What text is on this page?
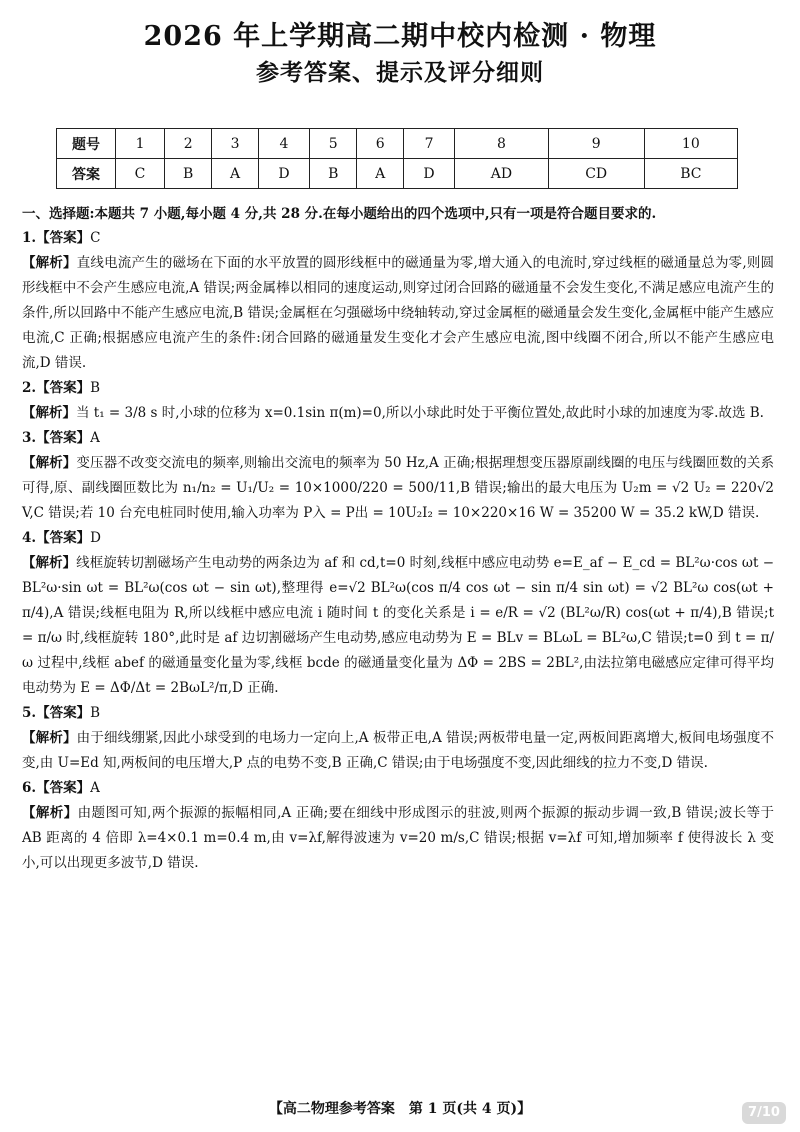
2026 年上学期高二期中校内检测 · 物理
参考答案、提示及评分细则
题号	1	2	3	4	5	6	7	8	9	10
答案	C	B	A	D	B	A	D	AD	CD	BC
一、选择题:本题共 7 小题,每小题 4 分,共 28 分.在每小题给出的四个选项中,只有一项是符合题目要求的.

1.【答案】C

【解析】直线电流产生的磁场在下面的水平放置的圆形线框中的磁通量为零,增大通入的电流时,穿过线框的磁通量总为零,则圆形线框中不会产生感应电流,A 错误;两金属棒以相同的速度运动,则穿过闭合回路的磁通量不会发生变化,不满足感应电流产生的条件,所以回路中不能产生感应电流,B 错误;金属框在匀强磁场中绕轴转动,穿过金属框的磁通量会发生变化,金属框中能产生感应电流,C 正确;根据感应电流产生的条件:闭合回路的磁通量发生变化才会产生感应电流,图中线圈不闭合,所以不能产生感应电流,D 错误.

2.【答案】B

【解析】当 t₁ = 3/8 s 时,小球的位移为 x=0.1sin π(m)=0,所以小球此时处于平衡位置处,故此时小球的加速度为零.故选 B.

3.【答案】A

【解析】变压器不改变交流电的频率,则输出交流电的频率为 50 Hz,A 正确;根据理想变压器原副线圈的电压与线圈匝数的关系可得,原、副线圈匝数比为 n₁/n₂ = U₁/U₂ = 10×1000/220 = 500/11,B 错误;输出的最大电压为 U₂m = √2 U₂ = 220√2 V,C 错误;若 10 台充电桩同时使用,输入功率为 P入 = P出 = 10U₂I₂ = 10×220×16 W = 35200 W = 35.2 kW,D 错误.

4.【答案】D

【解析】线框旋转切割磁场产生电动势的两条边为 af 和 cd,t=0 时刻,线框中感应电动势 e=E_af − E_cd = BL²ω·cos ωt − BL²ω·sin ωt = BL²ω(cos ωt − sin ωt),整理得 e=√2 BL²ω(cos π/4 cos ωt − sin π/4 sin ωt) = √2 BL²ω cos(ωt + π/4),A 错误;线框电阻为 R,所以线框中感应电流 i 随时间 t 的变化关系是 i = e/R = √2 (BL²ω/R) cos(ωt + π/4),B 错误;t = π/ω 时,线框旋转 180°,此时是 af 边切割磁场产生电动势,感应电动势为 E = BLv = BLωL = BL²ω,C 错误;t=0 到 t = π/ω 过程中,线框 abef 的磁通量变化量为零,线框 bcde 的磁通量变化量为 ΔΦ = 2BS = 2BL²,由法拉第电磁感应定律可得平均电动势为 E = ΔΦ/Δt = 2BωL²/π,D 正确.

5.【答案】B

【解析】由于细线绷紧,因此小球受到的电场力一定向上,A 板带正电,A 错误;两板带电量一定,两板间距离增大,板间电场强度不变,由 U=Ed 知,两板间的电压增大,P 点的电势不变,B 正确,C 错误;由于电场强度不变,因此细线的拉力不变,D 错误.

6.【答案】A

【解析】由题图可知,两个振源的振幅相同,A 正确;要在细线中形成图示的驻波,则两个振源的振动步调一致,B 错误;波长等于 AB 距离的 4 倍即 λ=4×0.1 m=0.4 m,由 v=λf,解得波速为 v=20 m/s,C 错误;根据 v=λf 可知,增加频率 f 使得波长 λ 变小,可以出现更多波节,D 错误.

【高二物理参考答案　第 1 页(共 4 页)】	7/10
